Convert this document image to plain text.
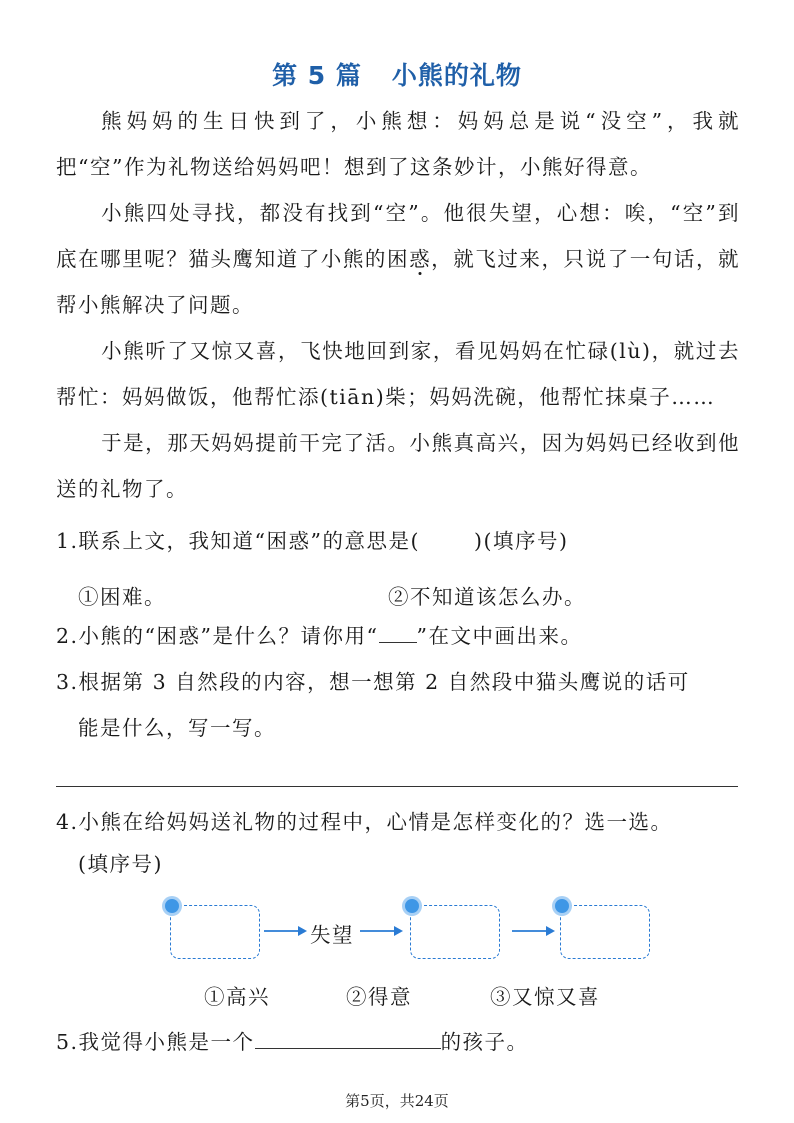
第 5 篇 小熊的礼物
熊妈妈的生日快到了，小熊想：妈妈总是说“没空”，我就把“空”作为礼物送给妈妈吧！想到了这条妙计，小熊好得意。
小熊四处寻找，都没有找到“空”。他很失望，心想：唉，“空”到底在哪里呢？猫头鹰知道了小熊的困惑，就飞过来，只说了一句话，就帮小熊解决了问题。
小熊听了又惊又喜，飞快地回到家，看见妈妈在忙碌(lù)，就过去帮忙：妈妈做饭，他帮忙添(tiān)柴；妈妈洗碗，他帮忙抹桌子……
于是，那天妈妈提前干完了活。小熊真高兴，因为妈妈已经收到他送的礼物了。
1.联系上文，我知道“困惑”的意思是(	)(填序号)
①困难。	②不知道该怎么办。
2.小熊的“困惑”是什么？请你用“ ”在文中画出来。
3.根据第 3 自然段的内容，想一想第 2 自然段中猫头鹰说的话可
能是什么，写一写。
4.小熊在给妈妈送礼物的过程中，心情是怎样变化的？选一选。
(填序号)
失望
①高兴	②得意	③又惊又喜
5.我觉得小熊是一个	的孩子。
第5页，共24页
